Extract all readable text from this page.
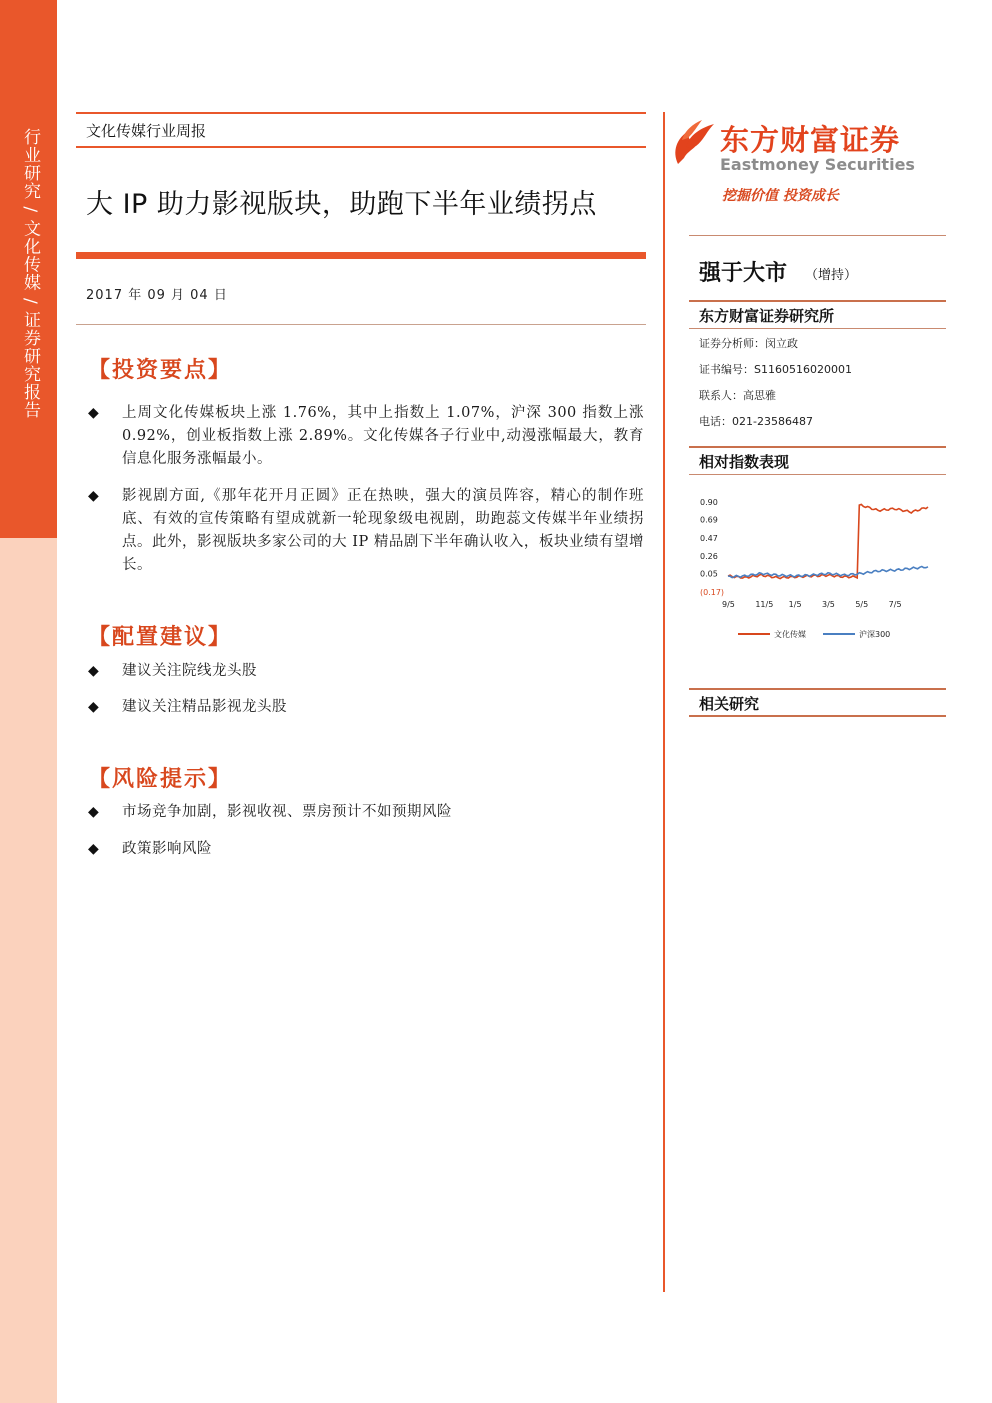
行业研究 / 文化传媒 / 证券研究报告	文化传媒行业周报
大 IP 助力影视版块，助跑下半年业绩拐点
2017 年 09 月 04 日
【投资要点】
◆ 上周文化传媒板块上涨 1.76%，其中上指数上 1.07%，沪深 300 指数上涨 0.92%，创业板指数上涨 2.89%。文化传媒各子行业中,动漫涨幅最大，教育信息化服务涨幅最小。
◆ 影视剧方面,《那年花开月正圆》正在热映，强大的演员阵容，精心的制作班底、有效的宣传策略有望成就新一轮现象级电视剧，助跑蕊文传媒半年业绩拐点。此外，影视版块多家公司的大 IP 精品剧下半年确认收入，板块业绩有望增长。
【配置建议】
◆ 建议关注院线龙头股
◆ 建议关注精品影视龙头股
【风险提示】
◆ 市场竞争加剧，影视收视、票房预计不如预期风险
◆ 政策影响风险
东方财富证券
Eastmoney Securities
挖掘价值 投资成长
强于大市 （增持）
东方财富证券研究所
证券分析师：闵立政
证书编号：S1160516020001
联系人：高思雅
电话：021-23586487
相对指数表现
0.90
0.69
0.47
0.26
0.05
(0.17)
9/5	11/5 1/5	3/5	5/5	7/5
文化传媒	沪深300
相关研究
